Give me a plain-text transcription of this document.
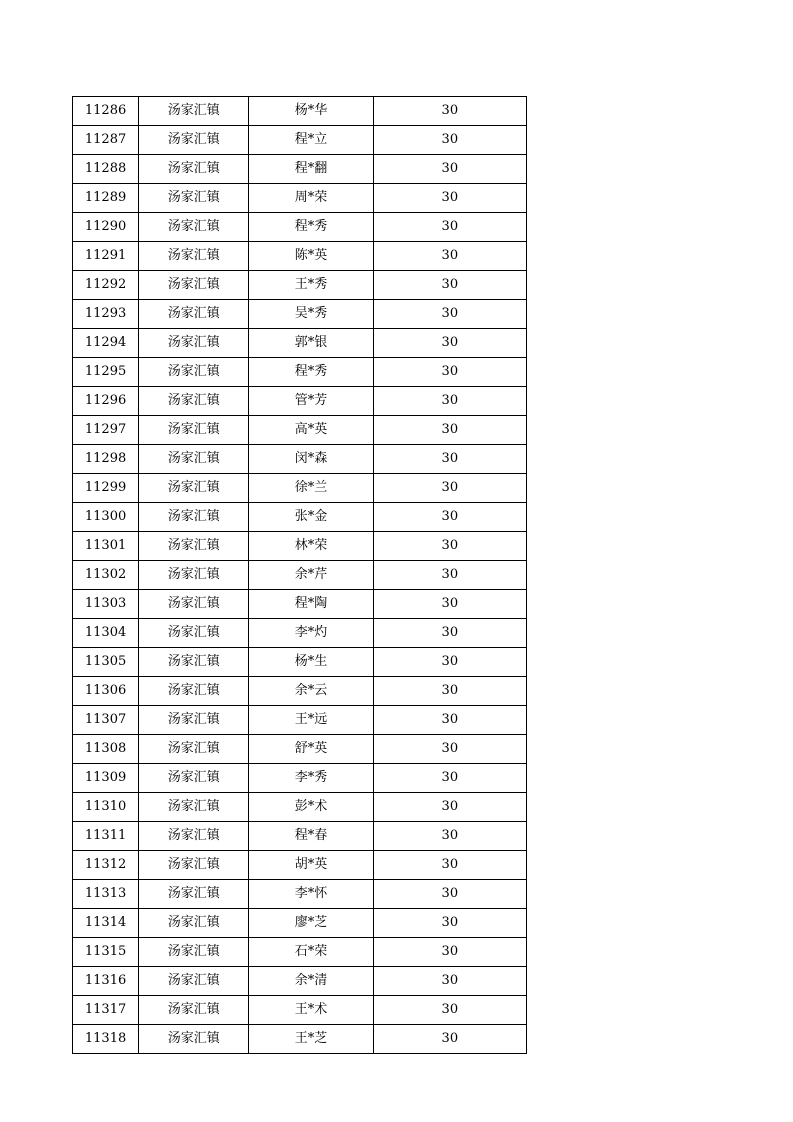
11286	汤家汇镇	杨*华	30
11287	汤家汇镇	程*立	30
11288	汤家汇镇	程*翻	30
11289	汤家汇镇	周*荣	30
11290	汤家汇镇	程*秀	30
11291	汤家汇镇	陈*英	30
11292	汤家汇镇	王*秀	30
11293	汤家汇镇	吴*秀	30
11294	汤家汇镇	郭*银	30
11295	汤家汇镇	程*秀	30
11296	汤家汇镇	管*芳	30
11297	汤家汇镇	高*英	30
11298	汤家汇镇	闵*森	30
11299	汤家汇镇	徐*兰	30
11300	汤家汇镇	张*金	30
11301	汤家汇镇	林*荣	30
11302	汤家汇镇	余*芹	30
11303	汤家汇镇	程*陶	30
11304	汤家汇镇	李*灼	30
11305	汤家汇镇	杨*生	30
11306	汤家汇镇	余*云	30
11307	汤家汇镇	王*远	30
11308	汤家汇镇	舒*英	30
11309	汤家汇镇	李*秀	30
11310	汤家汇镇	彭*术	30
11311	汤家汇镇	程*春	30
11312	汤家汇镇	胡*英	30
11313	汤家汇镇	李*怀	30
11314	汤家汇镇	廖*芝	30
11315	汤家汇镇	石*荣	30
11316	汤家汇镇	余*清	30
11317	汤家汇镇	王*术	30
11318	汤家汇镇	王*芝	30
